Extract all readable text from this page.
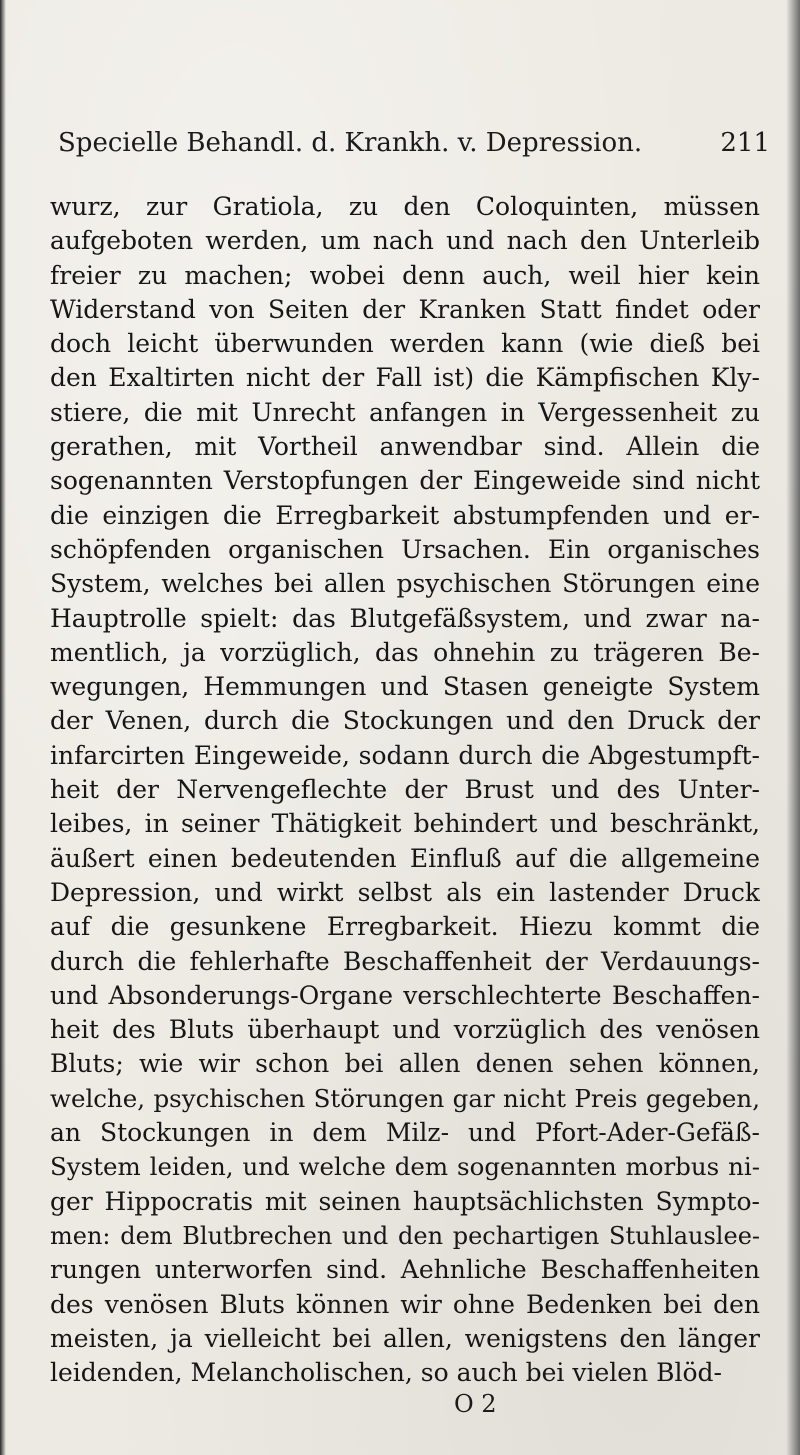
Specielle Behandl. d. Krankh. v. Depression.	211
wurz, zur Gratiola, zu den Coloquinten, müssen
aufgeboten werden, um nach und nach den Unterleib
freier zu machen; wobei denn auch, weil hier kein
Widerstand von Seiten der Kranken Statt findet oder
doch leicht überwunden werden kann (wie dieß bei
den Exaltirten nicht der Fall ist) die Kämpfischen Kly-
stiere, die mit Unrecht anfangen in Vergessenheit zu
gerathen, mit Vortheil anwendbar sind. Allein die
sogenannten Verstopfungen der Eingeweide sind nicht
die einzigen die Erregbarkeit abstumpfenden und er-
schöpfenden organischen Ursachen. Ein organisches
System, welches bei allen psychischen Störungen eine
Hauptrolle spielt: das Blutgefäßsystem, und zwar na-
mentlich, ja vorzüglich, das ohnehin zu trägeren Be-
wegungen, Hemmungen und Stasen geneigte System
der Venen, durch die Stockungen und den Druck der
infarcirten Eingeweide, sodann durch die Abgestumpft-
heit der Nervengeflechte der Brust und des Unter-
leibes, in seiner Thätigkeit behindert und beschränkt,
äußert einen bedeutenden Einfluß auf die allgemeine
Depression, und wirkt selbst als ein lastender Druck
auf die gesunkene Erregbarkeit. Hiezu kommt die
durch die fehlerhafte Beschaffenheit der Verdauungs-
und Absonderungs-Organe verschlechterte Beschaffen-
heit des Bluts überhaupt und vorzüglich des venösen
Bluts; wie wir schon bei allen denen sehen können,
welche, psychischen Störungen gar nicht Preis gegeben,
an Stockungen in dem Milz- und Pfort-Ader-Gefäß-
System leiden, und welche dem sogenannten morbus ni-
ger Hippocratis mit seinen hauptsächlichsten Sympto-
men: dem Blutbrechen und den pechartigen Stuhlauslee-
rungen unterworfen sind. Aehnliche Beschaffenheiten
des venösen Bluts können wir ohne Bedenken bei den
meisten, ja vielleicht bei allen, wenigstens den länger
leidenden, Melancholischen, so auch bei vielen Blöd-
O 2
